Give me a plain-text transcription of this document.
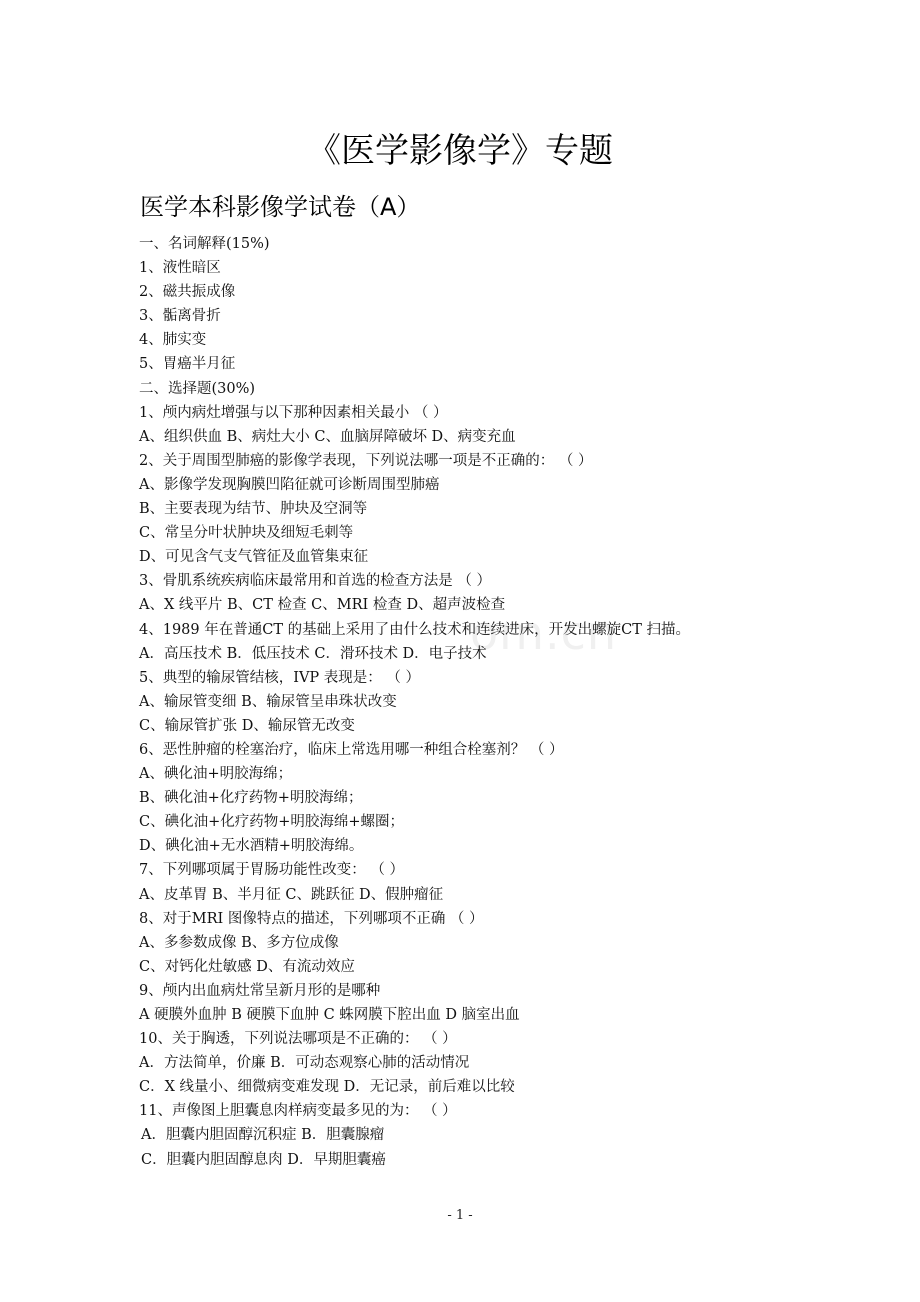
om.cn
《医学影像学》专题
医学本科影像学试卷（A）
一、名词解释(15%)
1、液性暗区
2、磁共振成像
3、骺离骨折
4、肺实变
5、胃癌半月征
二、选择题(30%)
1、颅内病灶增强与以下那种因素相关最小 （ ）
A、组织供血 B、病灶大小 C、血脑屏障破坏 D、病变充血
2、关于周围型肺癌的影像学表现，下列说法哪一项是不正确的： （ ）
A、影像学发现胸膜凹陷征就可诊断周围型肺癌
B、主要表现为结节、肿块及空洞等
C、常呈分叶状肿块及细短毛刺等
D、可见含气支气管征及血管集束征
3、骨肌系统疾病临床最常用和首选的检查方法是 （ ）
A、X 线平片 B、CT 检查 C、MRI 检查 D、超声波检查
4、1989 年在普通CT 的基础上采用了由什么技术和连续进床，开发出螺旋CT 扫描。
A．高压技术 B．低压技术 C．滑环技术 D．电子技术
5、典型的输尿管结核，IVP 表现是： （ ）
A、输尿管变细 B、输尿管呈串珠状改变
C、输尿管扩张 D、输尿管无改变
6、恶性肿瘤的栓塞治疗，临床上常选用哪一种组合栓塞剂？ （ ）
A、碘化油+明胶海绵；
B、碘化油+化疗药物+明胶海绵；
C、碘化油+化疗药物+明胶海绵+螺圈；
D、碘化油+无水酒精+明胶海绵。
7、下列哪项属于胃肠功能性改变： （ ）
A、皮革胃 B、半月征 C、跳跃征 D、假肿瘤征
8、对于MRI 图像特点的描述，下列哪项不正确 （ ）
A、多参数成像 B、多方位成像
C、对钙化灶敏感 D、有流动效应
9、颅内出血病灶常呈新月形的是哪种
A 硬膜外血肿 B 硬膜下血肿 C 蛛网膜下腔出血 D 脑室出血
10、关于胸透，下列说法哪项是不正确的： （ ）
A．方法简单，价廉 B．可动态观察心肺的活动情况
C．X 线量小、细微病变难发现 D．无记录，前后难以比较
11、声像图上胆囊息肉样病变最多见的为： （ ）
A．胆囊内胆固醇沉积症 B．胆囊腺瘤
C．胆囊内胆固醇息肉 D．早期胆囊癌
- 1 -
